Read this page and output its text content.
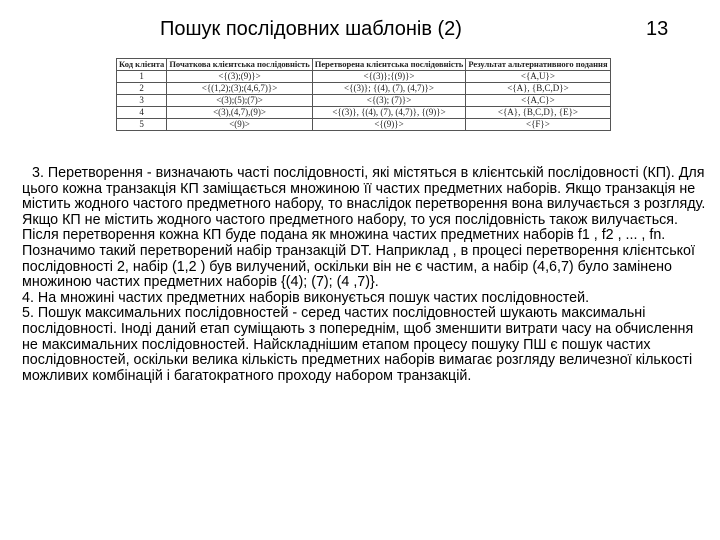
Пошук послідовних шаблонів (2)	13
Код клієнта	Початкова клієнтська послідовність	Перетворена клієнтська послідовність	Результат альтернативного подання
1	<{(3);(9)}>	<{(3)};{(9)}>	<{A,U}>
2	<{(1,2);(3);(4,6,7)}>	<{(3)}; {(4), (7), (4,7)}>	<{A}, {B,C,D}>
3	<(3);(5);(7)>	<{(3); (7)}>	<{A,C}>
4	<(3),(4,7),(9)>	<{(3)}, {(4), (7), (4,7)}, {(9)}>	<{A}, {B,C,D}, {E}>
5	<(9)>	<{(9)}>	<{F}>

3. Перетворення - визначають часті послідовності, які містяться в клієнтській послідовності (КП). Для цього кожна транзакція КП заміщається множиною її частих предметних наборів. Якщо транзакція не містить жодного частого предметного набору, то внаслідок перетворення вона вилучається з розгляду. Якщо КП не містить жодного частого предметного набору, то уся послідовність також вилучається. Після перетворення кожна КП буде подана як множина частих предметних наборів f1 , f2 , ... , fn.

Позначимо такий перетворений набір транзакцій DT. Наприклад , в процесі перетворення клієнтської послідовності 2, набір (1,2 ) був вилучений, оскільки він не є частим, а набір (4,6,7) було замінено множиною частих предметних наборів {(4); (7); (4 ,7)}.

4. На множині частих предметних наборів виконується пошук частих послідовностей.

5. Пошук максимальних послідовностей - серед частих послідовностей шукають максимальні послідовності. Іноді даний етап суміщають з попереднім, щоб зменшити витрати часу на обчислення не максимальних послідовностей. Найскладнішим етапом процесу пошуку ПШ є пошук частих послідовностей, оскільки велика кількість предметних наборів вимагає розгляду величезної кількості можливих комбінацій і багатократного проходу набором транзакцій.
